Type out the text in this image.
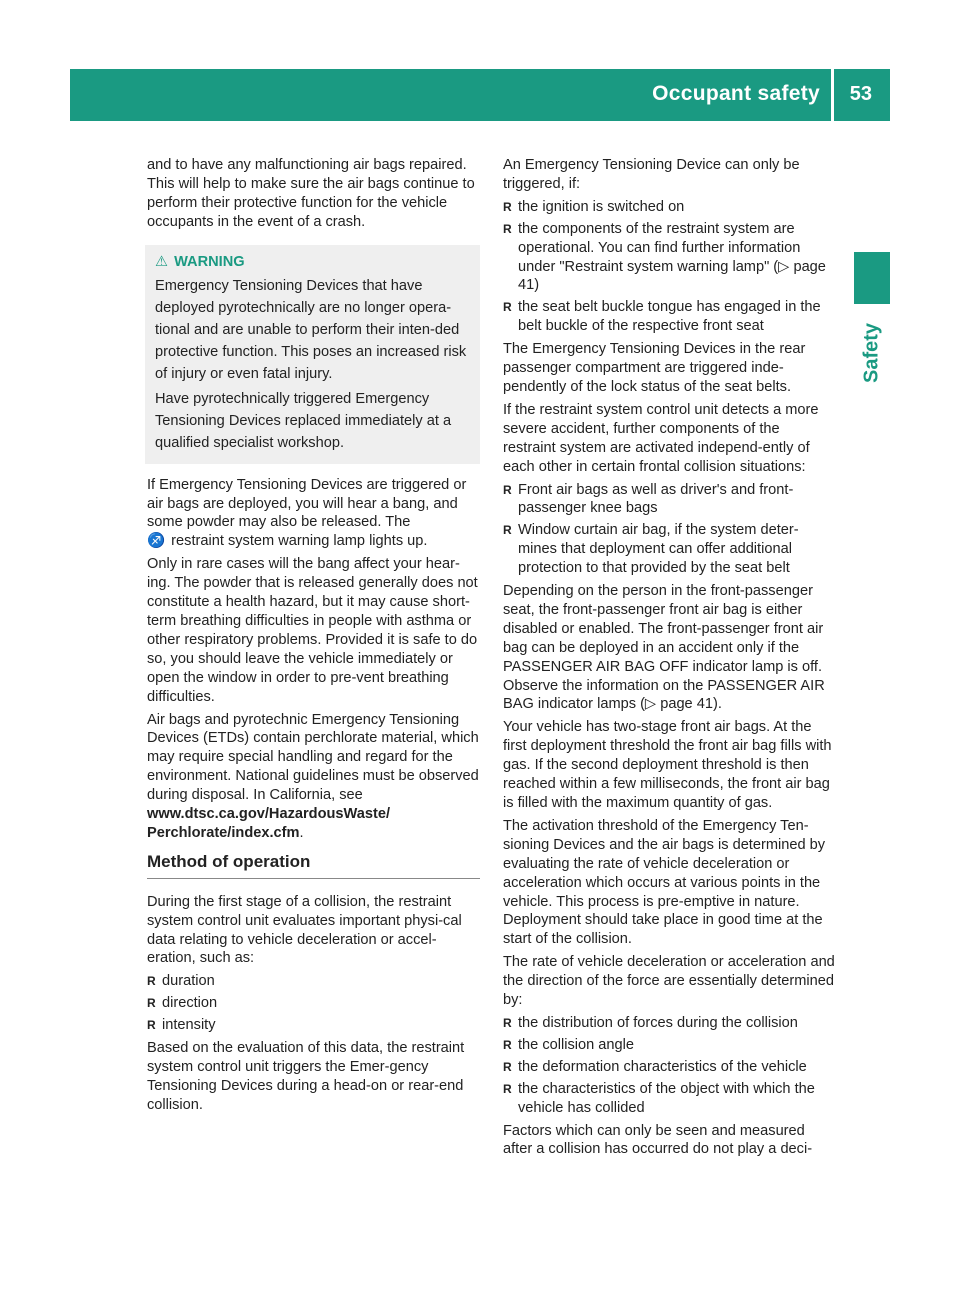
Occupant safety 53
Safety

and to have any malfunctioning air bags repaired. This will help to make sure the air bags continue to perform their protective function for the vehicle occupants in the event of a crash.

⚠ WARNING

Emergency Tensioning Devices that have deployed pyrotechnically are no longer opera-tional and are unable to perform their inten-ded protective function. This poses an increased risk of injury or even fatal injury.

Have pyrotechnically triggered Emergency Tensioning Devices replaced immediately at a qualified specialist workshop.

If Emergency Tensioning Devices are triggered or air bags are deployed, you will hear a bang, and some powder may also be released. The
♐ restraint system warning lamp lights up.

Only in rare cases will the bang affect your hear-ing. The powder that is released generally does not constitute a health hazard, but it may cause short-term breathing difficulties in people with asthma or other respiratory problems. Provided it is safe to do so, you should leave the vehicle immediately or open the window in order to pre-vent breathing difficulties.

Air bags and pyrotechnic Emergency Tensioning Devices (ETDs) contain perchlorate material, which may require special handling and regard for the environment. National guidelines must be observed during disposal. In California, see www.dtsc.ca.gov/HazardousWaste/ Perchlorate/index.cfm.

Method of operation

During the first stage of a collision, the restraint system control unit evaluates important physi-cal data relating to vehicle deceleration or accel-eration, such as:

R duration
R direction
R intensity

Based on the evaluation of this data, the restraint system control unit triggers the Emer-gency Tensioning Devices during a head-on or rear-end collision.

An Emergency Tensioning Device can only be triggered, if:

R the ignition is switched on
R the components of the restraint system are operational. You can find further information under "Restraint system warning lamp" (▷ page 41)
R the seat belt buckle tongue has engaged in the belt buckle of the respective front seat

The Emergency Tensioning Devices in the rear passenger compartment are triggered inde-pendently of the lock status of the seat belts.

If the restraint system control unit detects a more severe accident, further components of the restraint system are activated independ-ently of each other in certain frontal collision situations:

R Front air bags as well as driver's and front-passenger knee bags
R Window curtain air bag, if the system deter-mines that deployment can offer additional protection to that provided by the seat belt

Depending on the person in the front-passenger seat, the front-passenger front air bag is either disabled or enabled. The front-passenger front air bag can be deployed in an accident only if the PASSENGER AIR BAG OFF indicator lamp is off. Observe the information on the PASSENGER AIR BAG indicator lamps (▷ page 41).

Your vehicle has two-stage front air bags. At the first deployment threshold the front air bag fills with gas. If the second deployment threshold is then reached within a few milliseconds, the front air bag is filled with the maximum quantity of gas.

The activation threshold of the Emergency Ten-sioning Devices and the air bags is determined by evaluating the rate of vehicle deceleration or acceleration which occurs at various points in the vehicle. This process is pre-emptive in nature. Deployment should take place in good time at the start of the collision.

The rate of vehicle deceleration or acceleration and the direction of the force are essentially determined by:

R the distribution of forces during the collision
R the collision angle
R the deformation characteristics of the vehicle
R the characteristics of the object with which the vehicle has collided

Factors which can only be seen and measured after a collision has occurred do not play a deci-
